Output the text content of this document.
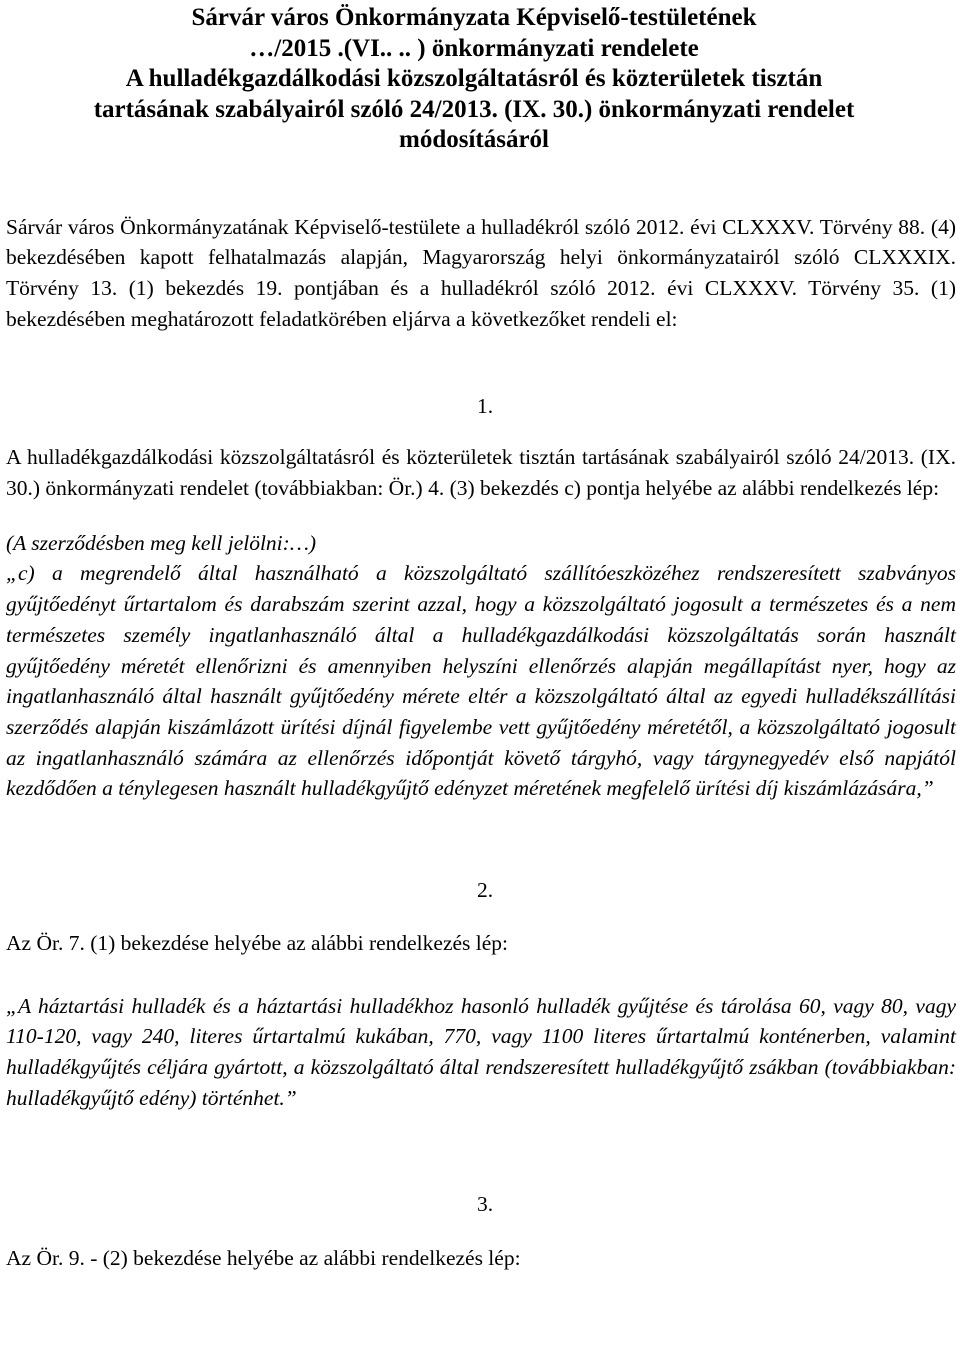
Sárvár város Önkormányzata Képviselő-testületének
…/2015 .(VI.. .. ) önkormányzati rendelete
A hulladékgazdálkodási közszolgáltatásról és közterületek tisztán
tartásának szabályairól szóló 24/2013. (IX. 30.) önkormányzati rendelet
módosításáról

Sárvár város Önkormányzatának Képviselő-testülete a hulladékról szóló 2012. évi CLXXXV. Törvény 88. (4) bekezdésében kapott felhatalmazás alapján, Magyarország helyi önkormányzatairól szóló CLXXXIX. Törvény 13. (1) bekezdés 19. pontjában és a hulladékról szóló 2012. évi CLXXXV. Törvény 35. (1) bekezdésében meghatározott feladatkörében eljárva a következőket rendeli el:

1.

A hulladékgazdálkodási közszolgáltatásról és közterületek tisztán tartásának szabályairól szóló 24/2013. (IX. 30.) önkormányzati rendelet (továbbiakban: Ör.) 4. (3) bekezdés c) pontja helyébe az alábbi rendelkezés lép:

(A szerződésben meg kell jelölni:…)

„c) a megrendelő által használható a közszolgáltató szállítóeszközéhez rendszeresített szabványos gyűjtőedényt űrtartalom és darabszám szerint azzal, hogy a közszolgáltató jogosult a természetes és a nem természetes személy ingatlanhasználó által a hulladékgazdálkodási közszolgáltatás során használt gyűjtőedény méretét ellenőrizni és amennyiben helyszíni ellenőrzés alapján megállapítást nyer, hogy az ingatlanhasználó által használt gyűjtőedény mérete eltér a közszolgáltató által az egyedi hulladékszállítási szerződés alapján kiszámlázott ürítési díjnál figyelembe vett gyűjtőedény méretétől, a közszolgáltató jogosult az ingatlanhasználó számára az ellenőrzés időpontját követő tárgyhó, vagy tárgynegyedév első napjától kezdődően a ténylegesen használt hulladékgyűjtő edényzet méretének megfelelő ürítési díj kiszámlázására,”

2.

Az Ör. 7. (1) bekezdése helyébe az alábbi rendelkezés lép:

„A háztartási hulladék és a háztartási hulladékhoz hasonló hulladék gyűjtése és tárolása 60, vagy 80, vagy 110-120, vagy 240, literes űrtartalmú kukában, 770, vagy 1100 literes űrtartalmú konténerben, valamint hulladékgyűjtés céljára gyártott, a közszolgáltató által rendszeresített hulladékgyűjtő zsákban (továbbiakban: hulladékgyűjtő edény) történhet.”

3.

Az Ör. 9. - (2) bekezdése helyébe az alábbi rendelkezés lép:
